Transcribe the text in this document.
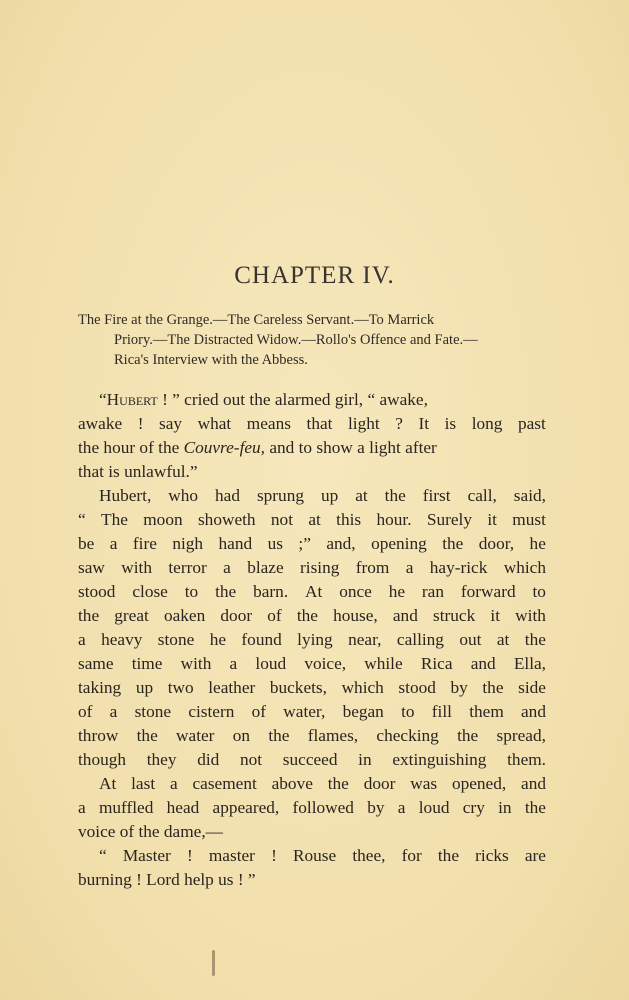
CHAPTER IV.
The Fire at the Grange.—The Careless Servant.—To Marrick
Priory.—The Distracted Widow.—Rollo's Offence and Fate.—
Rica's Interview with the Abbess.
“ Hubert ! ” cried out the alarmed girl, “ awake,
awake ! say what means that light ? It is long past
the hour of the Couvre-feu, and to show a light after
that is unlawful.”
Hubert, who had sprung up at the first call, said,
“ The moon showeth not at this hour. Surely it must
be a fire nigh hand us ;” and, opening the door, he
saw with terror a blaze rising from a hay-rick which
stood close to the barn. At once he ran forward to
the great oaken door of the house, and struck it with
a heavy stone he found lying near, calling out at the
same time with a loud voice, while Rica and Ella,
taking up two leather buckets, which stood by the side
of a stone cistern of water, began to fill them and
throw the water on the flames, checking the spread,
though they did not succeed in extinguishing them.
At last a casement above the door was opened, and
a muffled head appeared, followed by a loud cry in the
voice of the dame,—
“ Master ! master ! Rouse thee, for the ricks are
burning ! Lord help us ! ”
